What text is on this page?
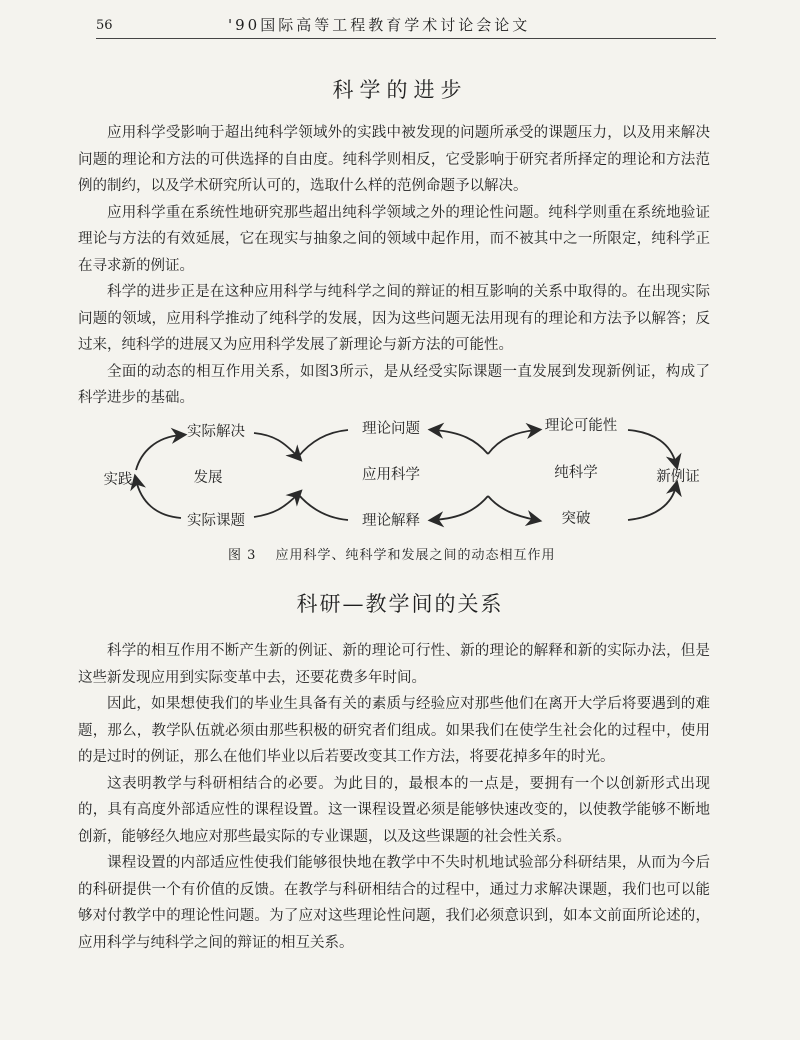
56	'90国际高等工程教育学术讨论会论文
科学的进步

应用科学受影响于超出纯科学领域外的实践中被发现的问题所承受的课题压力，以及用来解决问题的理论和方法的可供选择的自由度。纯科学则相反，它受影响于研究者所择定的理论和方法范例的制约，以及学术研究所认可的，选取什么样的范例命题予以解决。

应用科学重在系统性地研究那些超出纯科学领域之外的理论性问题。纯科学则重在系统地验证理论与方法的有效延展，它在现实与抽象之间的领域中起作用，而不被其中之一所限定，纯科学正在寻求新的例证。

科学的进步正是在这种应用科学与纯科学之间的辩证的相互影响的关系中取得的。在出现实际问题的领域，应用科学推动了纯科学的发展，因为这些问题无法用现有的理论和方法予以解答；反过来，纯科学的进展又为应用科学发展了新理论与新方法的可能性。

全面的动态的相互作用关系，如图3所示，是从经受实际课题一直发展到发现新例证，构成了科学进步的基础。

实践
实际解决
发展
实际课题
理论问题
应用科学
理论解释
理论可能性
纯科学
突破
新例证
图 3 应用科学、纯科学和发展之间的动态相互作用
科研—教学间的关系

科学的相互作用不断产生新的例证、新的理论可行性、新的理论的解释和新的实际办法，但是这些新发现应用到实际变革中去，还要花费多年时间。

因此，如果想使我们的毕业生具备有关的素质与经验应对那些他们在离开大学后将要遇到的难题，那么，教学队伍就必须由那些积极的研究者们组成。如果我们在使学生社会化的过程中，使用的是过时的例证，那么在他们毕业以后若要改变其工作方法，将要花掉多年的时光。

这表明教学与科研相结合的必要。为此目的，最根本的一点是，要拥有一个以创新形式出现的，具有高度外部适应性的课程设置。这一课程设置必须是能够快速改变的，以使教学能够不断地创新，能够经久地应对那些最实际的专业课题，以及这些课题的社会性关系。

课程设置的内部适应性使我们能够很快地在教学中不失时机地试验部分科研结果，从而为今后的科研提供一个有价值的反馈。在教学与科研相结合的过程中，通过力求解决课题，我们也可以能够对付教学中的理论性问题。为了应对这些理论性问题，我们必须意识到，如本文前面所论述的，应用科学与纯科学之间的辩证的相互关系。
